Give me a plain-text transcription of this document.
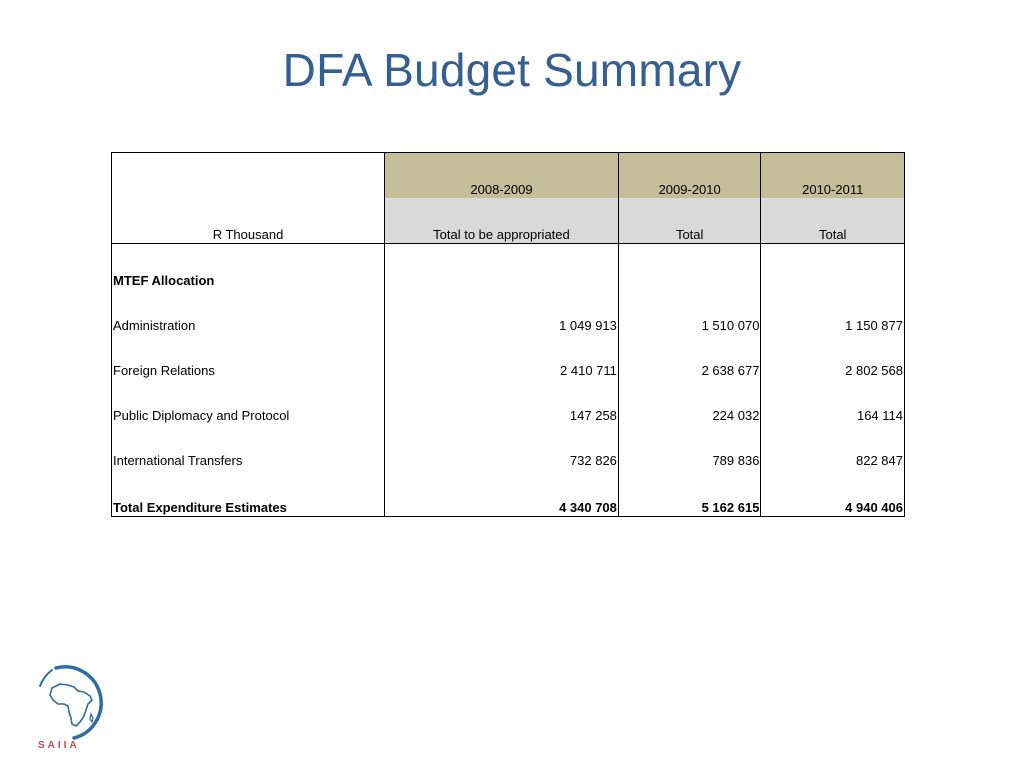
DFA Budget Summary
R Thousand	2008-2009	2009-2010	2010-2011
	Total to be appropriated	Total	Total
MTEF Allocation			
Administration	1 049 913	1 510 070	1 150 877
Foreign Relations	2 410 711	2 638 677	2 802 568
Public Diplomacy and Protocol	147 258	224 032	164 114
International Transfers	732 826	789 836	822 847
Total Expenditure Estimates	4 340 708	5 162 615	4 940 406
SAIIA
